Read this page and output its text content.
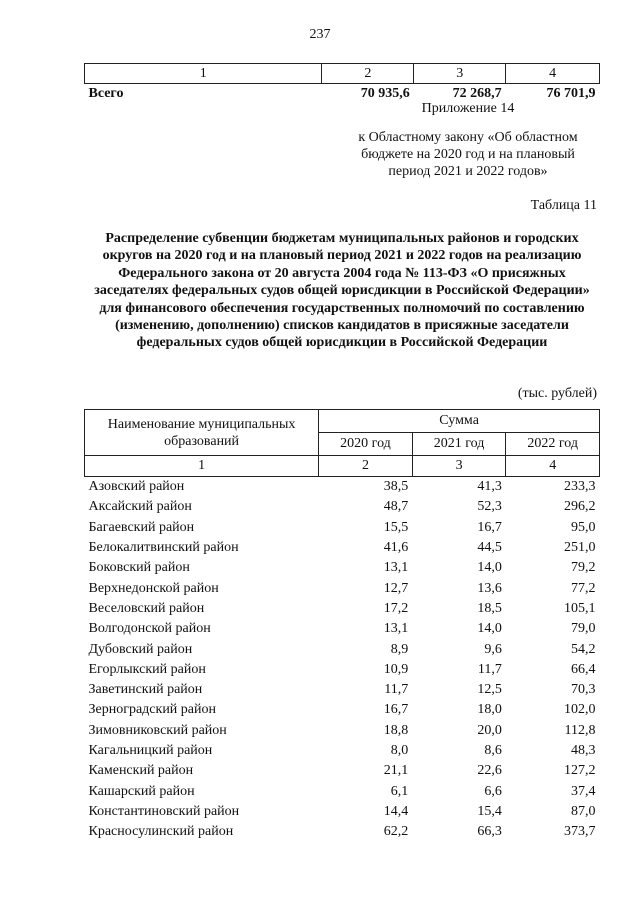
237
1	2	3	4
Всего	70 935,6	72 268,7	76 701,9
Приложение 14
к Областному закону «Об областном бюджете на 2020 год и на плановый период 2021 и 2022 годов»
Таблица 11
Распределение субвенции бюджетам муниципальных районов и городских округов на 2020 год и на плановый период 2021 и 2022 годов на реализацию Федерального закона от 20 августа 2004 года № 113-ФЗ «О присяжных заседателях федеральных судов общей юрисдикции в Российской Федерации» для финансового обеспечения государственных полномочий по составлению (изменению, дополнению) списков кандидатов в присяжные заседатели федеральных судов общей юрисдикции в Российской Федерации
(тыс. рублей)
Наименование муниципальных образований	Сумма		
	2020 год	2021 год	2022 год
1	2	3	4
Азовский район	38,5	41,3	233,3
Аксайский район	48,7	52,3	296,2
Багаевский район	15,5	16,7	95,0
Белокалитвинский район	41,6	44,5	251,0
Боковский район	13,1	14,0	79,2
Верхнедонской район	12,7	13,6	77,2
Веселовский район	17,2	18,5	105,1
Волгодонской район	13,1	14,0	79,0
Дубовский район	8,9	9,6	54,2
Егорлыкский район	10,9	11,7	66,4
Заветинский район	11,7	12,5	70,3
Зерноградский район	16,7	18,0	102,0
Зимовниковский район	18,8	20,0	112,8
Кагальницкий район	8,0	8,6	48,3
Каменский район	21,1	22,6	127,2
Кашарский район	6,1	6,6	37,4
Константиновский район	14,4	15,4	87,0
Красносулинский район	62,2	66,3	373,7
